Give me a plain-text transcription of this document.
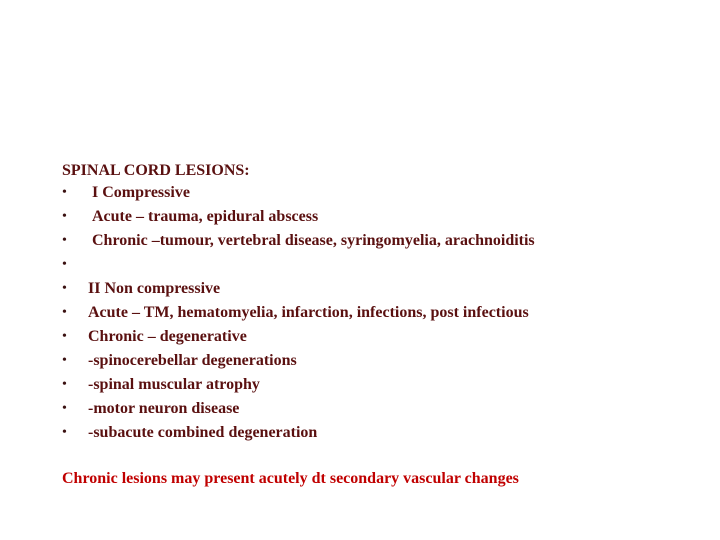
SPINAL CORD LESIONS:
• I Compressive
• Acute – trauma, epidural abscess
• Chronic –tumour, vertebral disease, syringomyelia, arachnoiditis
•
• II Non compressive
• Acute – TM, hematomyelia, infarction, infections, post infectious
• Chronic – degenerative
• -spinocerebellar degenerations
• -spinal muscular atrophy
• -motor neuron disease
• -subacute combined degeneration
Chronic lesions may present acutely dt secondary vascular changes
